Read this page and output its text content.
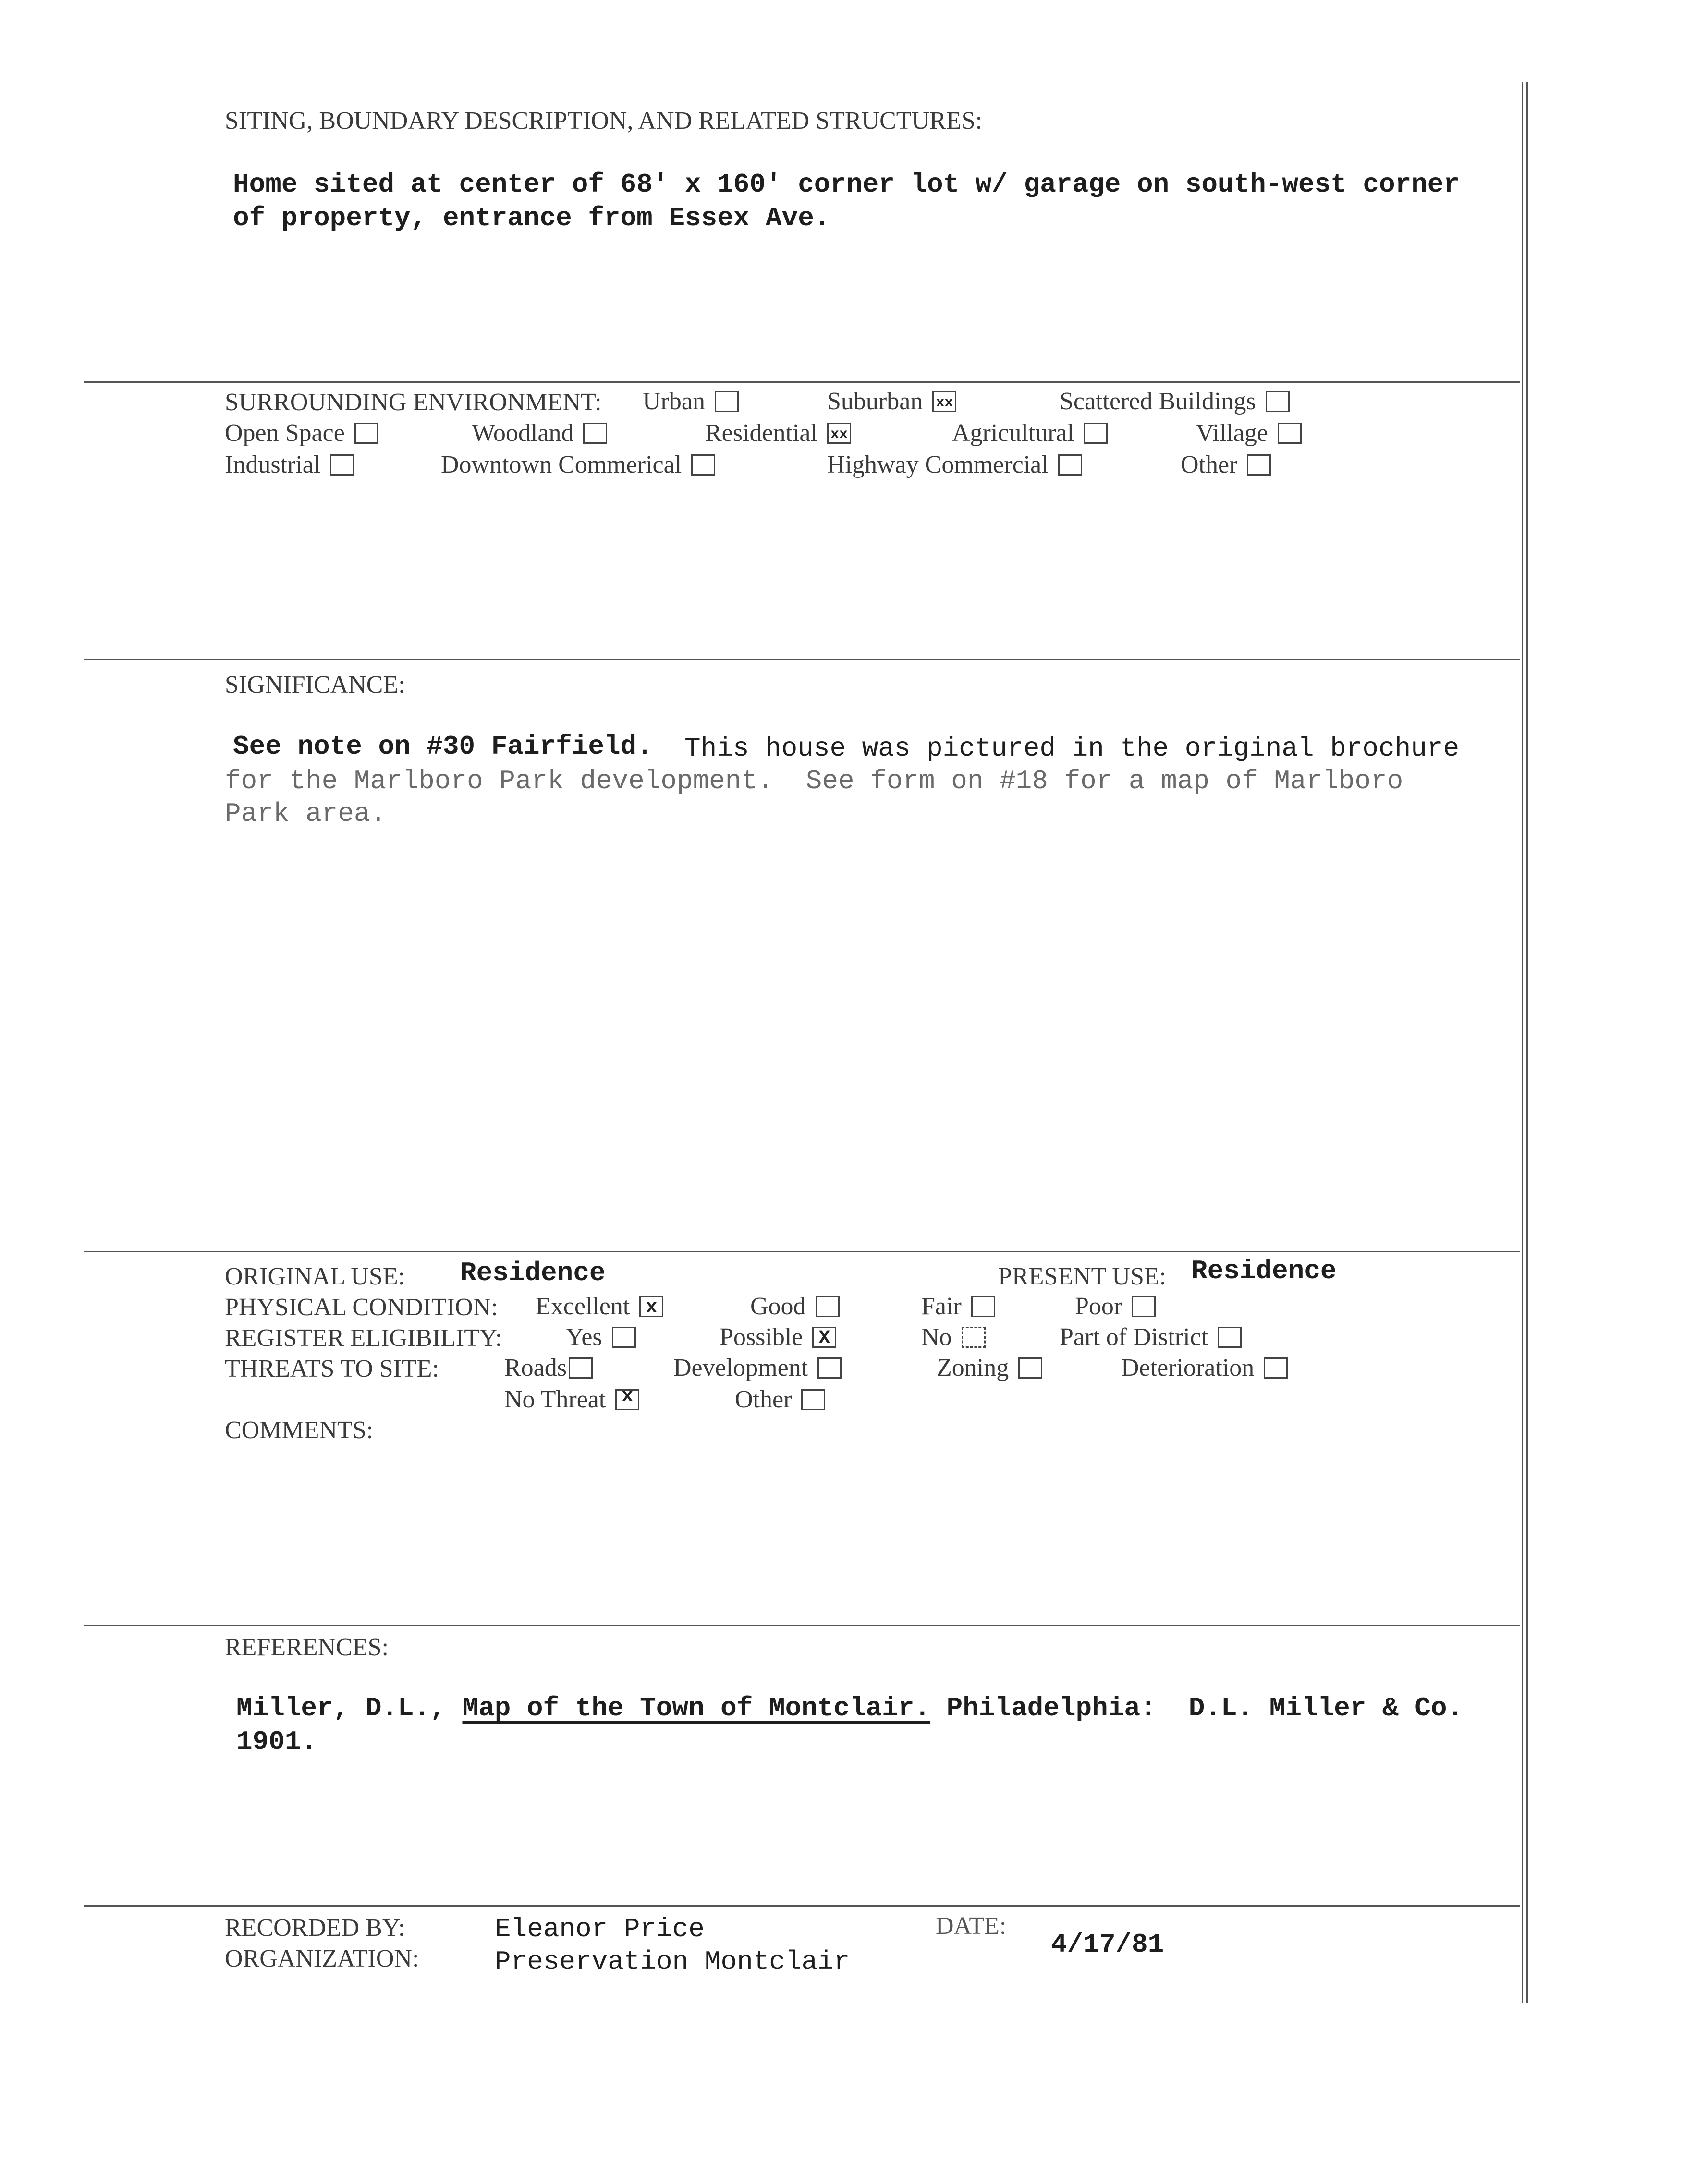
SITING, BOUNDARY DESCRIPTION, AND RELATED STRUCTURES:
Home sited at center of 68' x 160' corner lot w/ garage on south-west corner
of property, entrance from Essex Ave.
SURROUNDING ENVIRONMENT: Urban	Suburban xx	Scattered Buildings
Open Space	Woodland	Residential xx	Agricultural	Village
Industrial	Downtown Commerical	Highway Commercial	Other
SIGNIFICANCE:
See note on #30 Fairfield. This house was pictured in the original brochure
for the Marlboro Park development.  See form on #18 for a map of Marlboro
Park area.
ORIGINAL USE: Residence	PRESENT USE: Residence
PHYSICAL CONDITION: Excellent x	Good	Fair	Poor
REGISTER ELIGIBILITY:	Yes	Possible X	No	Part of District
THREATS TO SITE:	Roads	Development	Zoning	Deterioration
No Threat x	Other
COMMENTS:
REFERENCES:
Miller, D.L., Map of the Town of Montclair. Philadelphia:  D.L. Miller & Co.
1901.
RECORDED BY:	Eleanor Price
ORGANIZATION:	Preservation Montclair
DATE:
4/17/81
